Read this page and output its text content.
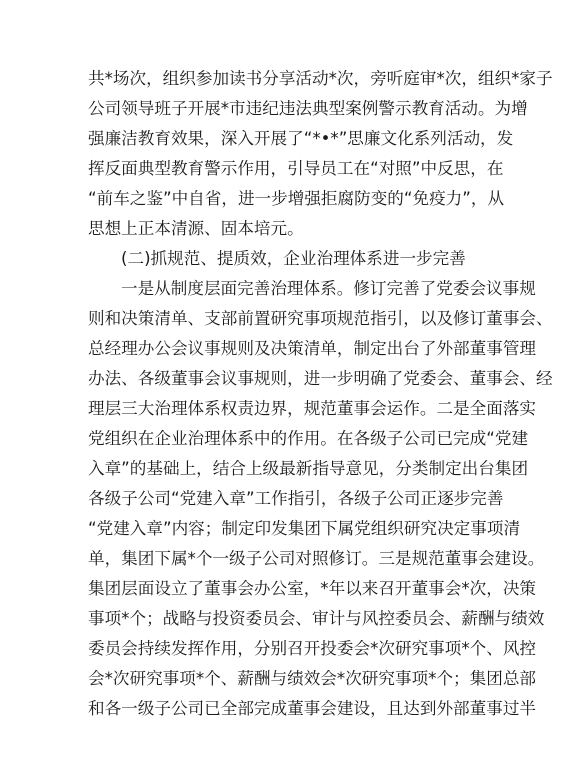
共*场次，组织参加读书分享活动*次，旁听庭审*次，组织*家子
公司领导班子开展*市违纪违法典型案例警示教育活动。为增
强廉洁教育效果，深入开展了“*•*”思廉文化系列活动，发
挥反面典型教育警示作用，引导员工在“对照”中反思，在
“前车之鉴”中自省，进一步增强拒腐防变的“免疫力”，从
思想上正本清源、固本培元。
(二)抓规范、提质效，企业治理体系进一步完善
一是从制度层面完善治理体系。修订完善了党委会议事规
则和决策清单、支部前置研究事项规范指引，以及修订董事会、
总经理办公会议事规则及决策清单，制定出台了外部董事管理
办法、各级董事会议事规则，进一步明确了党委会、董事会、经
理层三大治理体系权责边界，规范董事会运作。二是全面落实
党组织在企业治理体系中的作用。在各级子公司已完成“党建
入章”的基础上，结合上级最新指导意见，分类制定出台集团
各级子公司“党建入章”工作指引，各级子公司正逐步完善
“党建入章”内容；制定印发集团下属党组织研究决定事项清
单，集团下属*个一级子公司对照修订。三是规范董事会建设。
集团层面设立了董事会办公室，*年以来召开董事会*次，决策
事项*个；战略与投资委员会、审计与风控委员会、薪酬与绩效
委员会持续发挥作用，分别召开投委会*次研究事项*个、风控
会*次研究事项*个、薪酬与绩效会*次研究事项*个；集团总部
和各一级子公司已全部完成董事会建设，且达到外部董事过半
